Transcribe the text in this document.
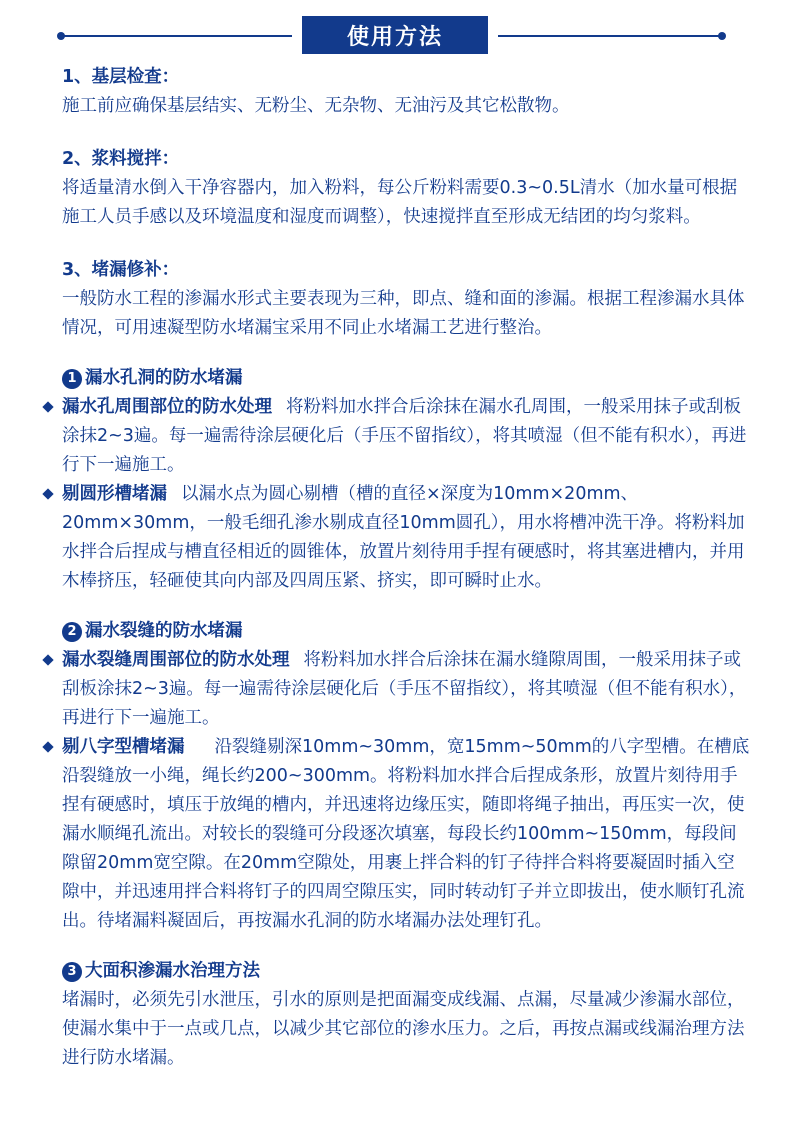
使用方法
1、基层检查：

施工前应确保基层结实、无粉尘、无杂物、无油污及其它松散物。

2、浆料搅拌：

将适量清水倒入干净容器内，加入粉料，每公斤粉料需要0.3~0.5L清水（加水量可根据施工人员手感以及环境温度和湿度而调整），快速搅拌直至形成无结团的均匀浆料。

3、堵漏修补：

一般防水工程的渗漏水形式主要表现为三种，即点、缝和面的渗漏。根据工程渗漏水具体情况，可用速凝型防水堵漏宝采用不同止水堵漏工艺进行整治。

1 漏水孔洞的防水堵漏
漏水孔周围部位的防水处理 将粉料加水拌合后涂抹在漏水孔周围，一般采用抹子或刮板涂抹2~3遍。每一遍需待涂层硬化后（手压不留指纹），将其喷湿（但不能有积水），再进行下一遍施工。
剔圆形槽堵漏 以漏水点为圆心剔槽（槽的直径×深度为10mm×20mm、20mm×30mm，一般毛细孔渗水剔成直径10mm圆孔），用水将槽冲洗干净。将粉料加水拌合后捏成与槽直径相近的圆锥体，放置片刻待用手捏有硬感时，将其塞进槽内，并用木棒挤压，轻砸使其向内部及四周压紧、挤实，即可瞬时止水。
2 漏水裂缝的防水堵漏
漏水裂缝周围部位的防水处理 将粉料加水拌合后涂抹在漏水缝隙周围，一般采用抹子或刮板涂抹2~3遍。每一遍需待涂层硬化后（手压不留指纹），将其喷湿（但不能有积水），再进行下一遍施工。
剔八字型槽堵漏 沿裂缝剔深10mm~30mm，宽15mm~50mm的八字型槽。在槽底沿裂缝放一小绳，绳长约200~300mm。将粉料加水拌合后捏成条形，放置片刻待用手捏有硬感时，填压于放绳的槽内，并迅速将边缘压实，随即将绳子抽出，再压实一次，使漏水顺绳孔流出。对较长的裂缝可分段逐次填塞，每段长约100mm~150mm，每段间隙留20mm宽空隙。在20mm空隙处，用裹上拌合料的钉子待拌合料将要凝固时插入空隙中，并迅速用拌合料将钉子的四周空隙压实，同时转动钉子并立即拔出，使水顺钉孔流出。待堵漏料凝固后，再按漏水孔洞的防水堵漏办法处理钉孔。
3 大面积渗漏水治理方法

堵漏时，必须先引水泄压，引水的原则是把面漏变成线漏、点漏，尽量减少渗漏水部位，使漏水集中于一点或几点，以减少其它部位的渗水压力。之后，再按点漏或线漏治理方法进行防水堵漏。
